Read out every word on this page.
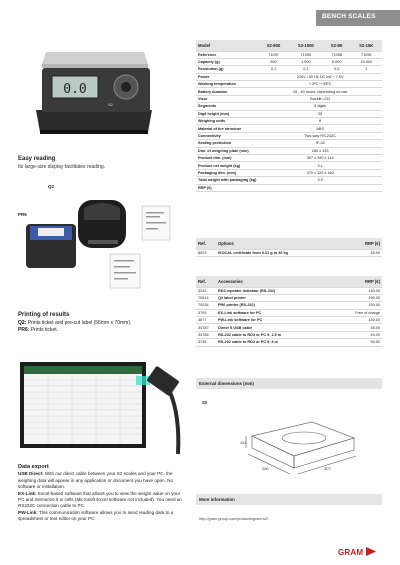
BENCH SCALES
0.0
S2
Easy reading
Its large-size display facilitates reading.
Q2
PR6
Printing of results
Q2: Prints ticket and pre-cut label (56mm x 70mm).
PR6: Prints ticket.
Data export
USB Direct: With our direct cable between your S2 scales and your PC, the weighing data will appear in any application or document you have open. No software or installation.
EX-Link: Excel-based software that allows you to view the weight value on your PC and memorize it in cells (Microsoft Excel software not included). You need an RS232C connection cable to PC.
PW-Link: This communication software allows you to send reading data to a spreadsheet or text editor on your PC.
Model	S2-800	S2-1500	S2-8K	S2-15K
Reference	71097	71095	71098	71096
Capacity (g)	800	1.500	8.000	15.000
Resolution (g)	0,1	0,1	0,5	1
Power	230V / 50 Hz DC in5 ~ 7,5V			
Working temperature	+-5ºC~+35ºC			
Battery duration	15 - 40 hours, depending on use			
Visor	Backlit LCD			
Segments	5 digits			
Digit height (mm)	25			
Weighing units	8			
Material of the structure	ABS			
Connectivity	Two-way RS-232C			
Sealing protection	IP-32			
Dim. of weighing plate (mm)	280 x 193			
Product dim. (mm)	307 x 280 x 114			
Product net weight (kg)	3,1			
Packaging dim. (mm)	370 x 320 x 160			
Total weight with packaging (kg)	3,9			
RRP (€)				
Ref.	Options	RRP (€)
8023	ISOCAL certificate from 0.01 g to 30 kg	45.00
Ref.	Accessories	RRP (€)
3243	RD3 repeater indicator (RS-232)	140.00
70814	Q2 label printer	190.00
70034	PR6 printer (RS-232)	150.00
3793	EX-Link software for PC	Free of charge
4877	PW-Link software for PC	140.00
34787	Direct S USB cable	45.00
34788	RS-232 cable to RD3 or PC 9, 1.5 m	44.00
3735	RS-232 cable to RD3 or PC 9, 4 m	54.00
External dimensions (mm)
S2
114
280	307
More information
http://gram-group.com/products/gram-s2/
GRAM
